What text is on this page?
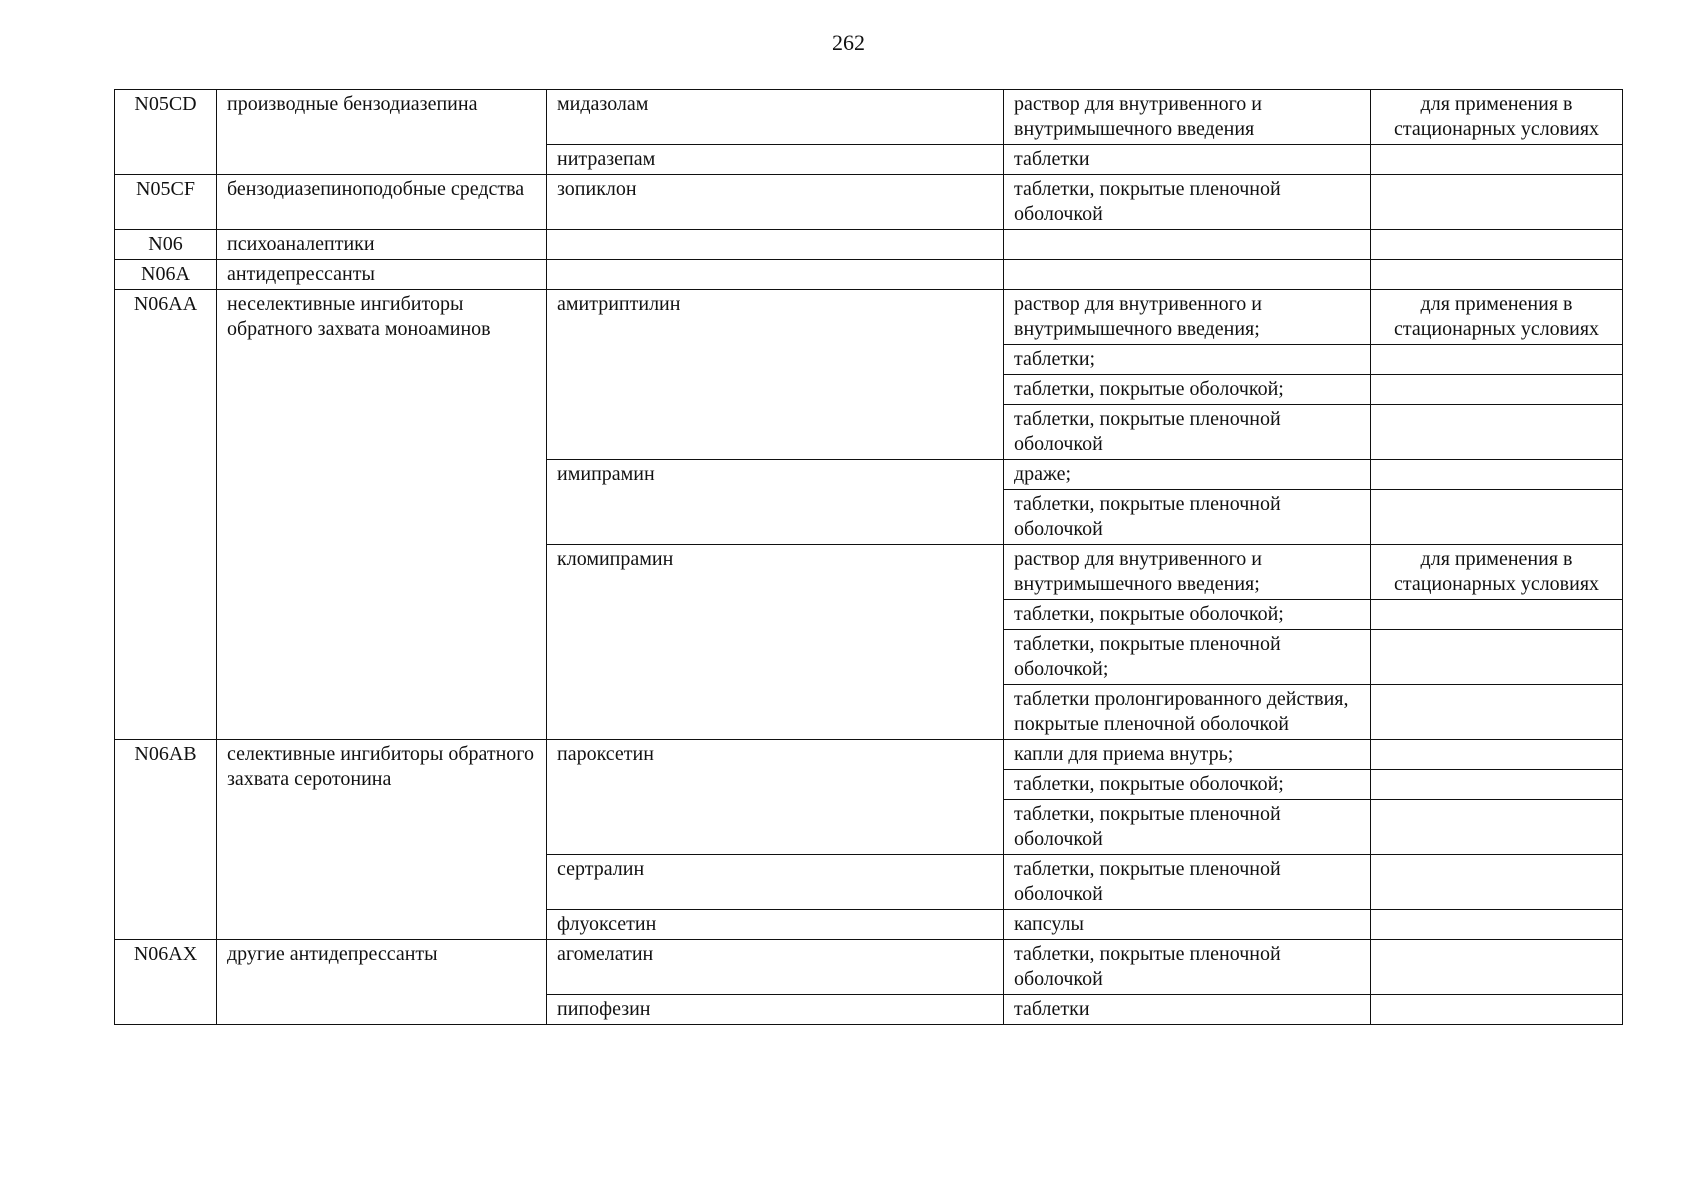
262
N05CD	производные бензодиазепина	мидазолам	раствор для внутривенного и внутримышечного введения	для применения в стационарных условиях
		нитразепам	таблетки	
N05CF	бензодиазепиноподобные средства	зопиклон	таблетки, покрытые пленочной оболочкой	
N06	психоаналептики			
N06A	антидепрессанты			
N06AA	неселективные ингибиторы обратного захвата моноаминов	амитриптилин	раствор для внутривенного и внутримышечного введения;	для применения в стационарных условиях
			таблетки;	
			таблетки, покрытые оболочкой;	
			таблетки, покрытые пленочной оболочкой	
		имипрамин	драже;	
			таблетки, покрытые пленочной оболочкой	
		кломипрамин	раствор для внутривенного и внутримышечного введения;	для применения в стационарных условиях
			таблетки, покрытые оболочкой;	
			таблетки, покрытые пленочной оболочкой;	
			таблетки пролонгированного действия, покрытые пленочной оболочкой	
N06AB	селективные ингибиторы обратного захвата серотонина	пароксетин	капли для приема внутрь;	
			таблетки, покрытые оболочкой;	
			таблетки, покрытые пленочной оболочкой	
		сертралин	таблетки, покрытые пленочной оболочкой	
		флуоксетин	капсулы	
N06AX	другие антидепрессанты	агомелатин	таблетки, покрытые пленочной оболочкой	
		пипофезин	таблетки	
